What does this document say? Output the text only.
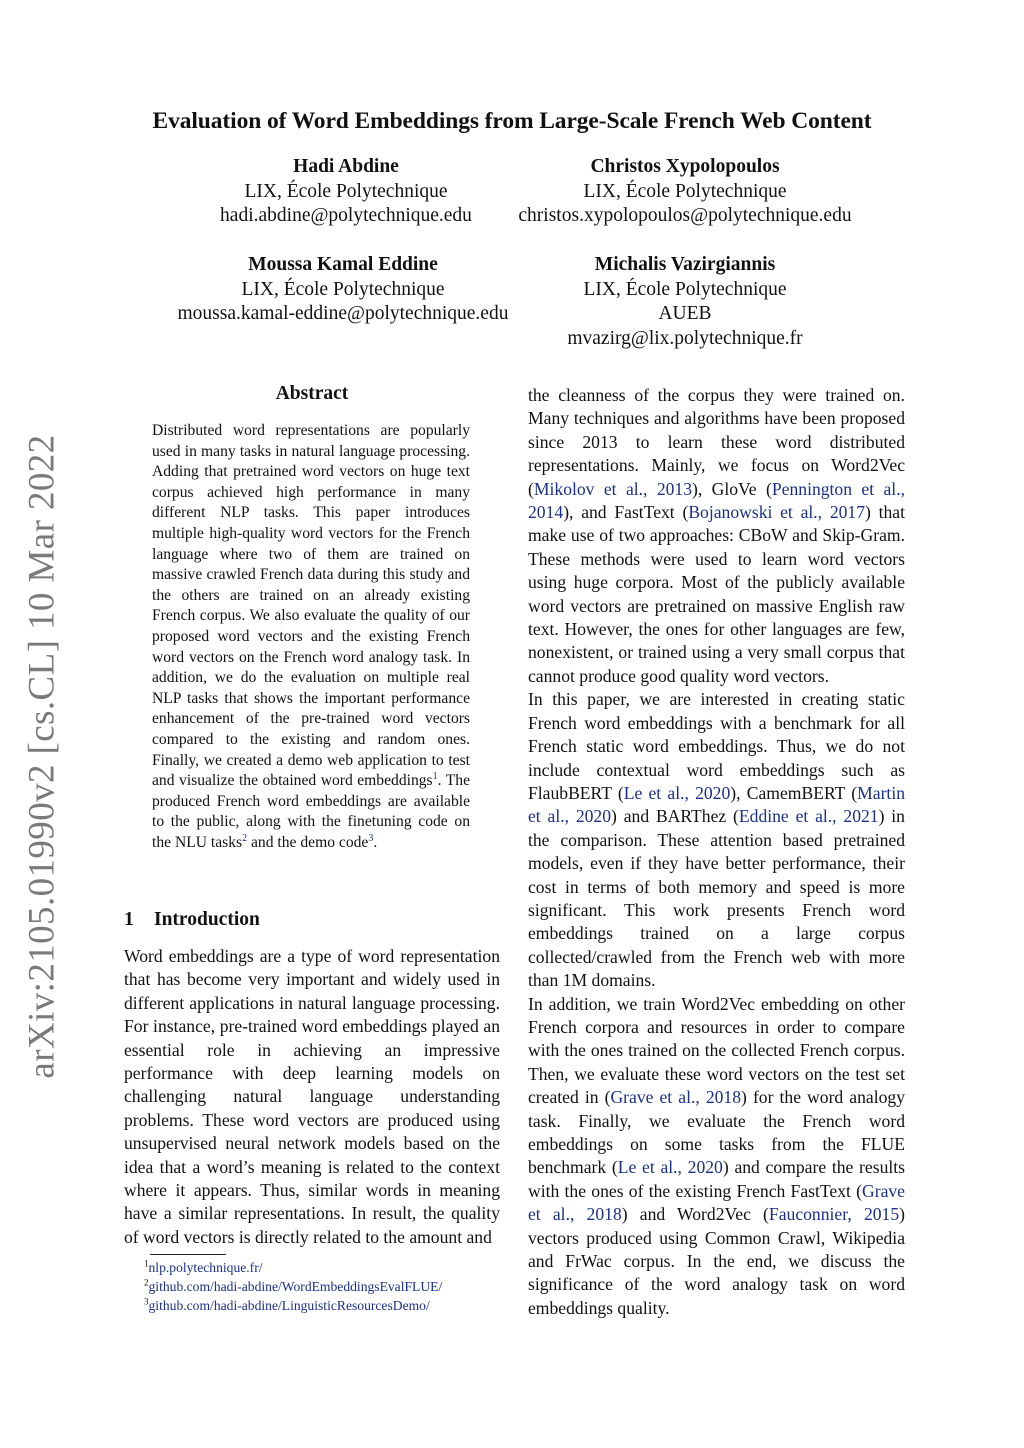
arXiv:2105.01990v2 [cs.CL] 10 Mar 2022
Evaluation of Word Embeddings from Large-Scale French Web Content
Hadi Abdine
LIX, École Polytechnique
hadi.abdine@polytechnique.edu
Christos Xypolopoulos
LIX, École Polytechnique
christos.xypolopoulos@polytechnique.edu
Moussa Kamal Eddine
LIX, École Polytechnique
moussa.kamal-eddine@polytechnique.edu
Michalis Vazirgiannis
LIX, École Polytechnique
AUEB
mvazirg@lix.polytechnique.fr
Abstract
Distributed word representations are popularly used in many tasks in natural language processing. Adding that pretrained word vectors on huge text corpus achieved high performance in many different NLP tasks. This paper introduces multiple high-quality word vectors for the French language where two of them are trained on massive crawled French data during this study and the others are trained on an already existing French corpus. We also evaluate the quality of our proposed word vectors and the existing French word vectors on the French word analogy task. In addition, we do the evaluation on multiple real NLP tasks that shows the important performance enhancement of the pre-trained word vectors compared to the existing and random ones. Finally, we created a demo web application to test and visualize the obtained word embeddings$^1$. The produced French word embeddings are available to the public, along with the finetuning code on the NLU tasks$^2$ and the demo code$^3$.
1 Introduction
Word embeddings are a type of word representation that has become very important and widely used in different applications in natural language processing. For instance, pre-trained word embeddings played an essential role in achieving an impressive performance with deep learning models on challenging natural language understanding problems. These word vectors are produced using unsupervised neural network models based on the idea that a word’s meaning is related to the context where it appears. Thus, similar words in meaning have a similar representations. In result, the quality of word vectors is directly related to the amount and

the cleanness of the corpus they were trained on. Many techniques and algorithms have been proposed since 2013 to learn these word distributed representations. Mainly, we focus on Word2Vec (Mikolov et al., 2013), GloVe (Pennington et al., 2014), and FastText (Bojanowski et al., 2017) that make use of two approaches: CBoW and Skip-Gram. These methods were used to learn word vectors using huge corpora. Most of the publicly available word vectors are pretrained on massive English raw text. However, the ones for other languages are few, nonexistent, or trained using a very small corpus that cannot produce good quality word vectors.

In this paper, we are interested in creating static French word embeddings with a benchmark for all French static word embeddings. Thus, we do not include contextual word embeddings such as FlaubBERT (Le et al., 2020), CamemBERT (Martin et al., 2020) and BARThez (Eddine et al., 2021) in the comparison. These attention based pretrained models, even if they have better performance, their cost in terms of both memory and speed is more significant. This work presents French word embeddings trained on a large corpus collected/crawled from the French web with more than 1M domains.

In addition, we train Word2Vec embedding on other French corpora and resources in order to compare with the ones trained on the collected French corpus. Then, we evaluate these word vectors on the test set created in (Grave et al., 2018) for the word analogy task. Finally, we evaluate the French word embeddings on some tasks from the FLUE benchmark (Le et al., 2020) and compare the results with the ones of the existing French FastText (Grave et al., 2018) and Word2Vec (Fauconnier, 2015) vectors produced using Common Crawl, Wikipedia and FrWac corpus. In the end, we discuss the significance of the word analogy task on word embeddings quality.

$^1$nlp.polytechnique.fr/
$^2$github.com/hadi-abdine/WordEmbeddingsEvalFLUE/
$^3$github.com/hadi-abdine/LinguisticResourcesDemo/
